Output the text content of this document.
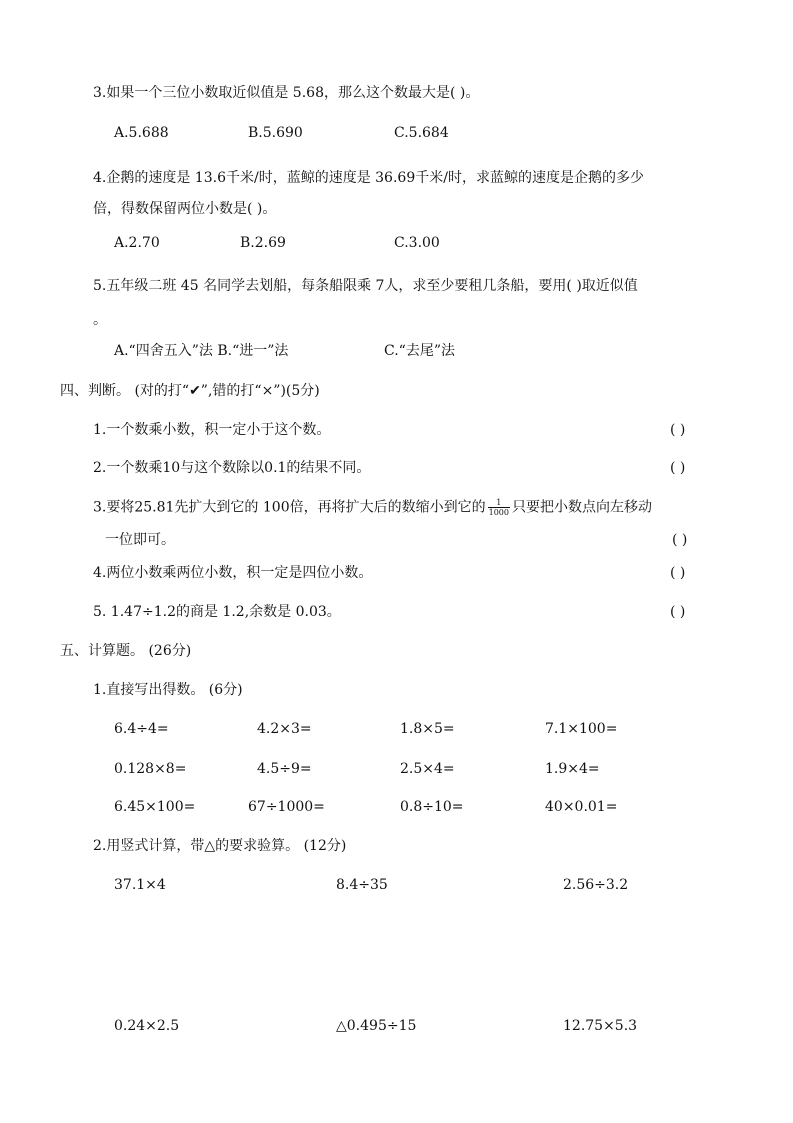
3.如果一个三位小数取近似值是 5.68，那么这个数最大是( )。
A.5.688	B.5.690	C.5.684
4.企鹅的速度是 13.6千米/时，蓝鲸的速度是 36.69千米/时，求蓝鲸的速度是企鹅的多少
倍，得数保留两位小数是( )。
A.2.70	B.2.69	C.3.00
5.五年级二班 45 名同学去划船，每条船限乘 7人，求至少要租几条船，要用( )取近似值
。
A.“四舍五入”法 B.“进一”法	C.“去尾”法
四、判断。 (对的打“✔”,错的打“×”)(5分)
1.一个数乘小数，积一定小于这个数。	( )
2.一个数乘10与这个数除以0.1的结果不同。	( )
3.要将25.81先扩大到它的 100倍，再将扩大后的数缩小到它的 $\frac{1}{1000}$ 只要把小数点向左移动
一位即可。	( )
4.两位小数乘两位小数，积一定是四位小数。	( )
5. 1.47÷1.2的商是 1.2,余数是 0.03。	( )
五、计算题。 (26分)
1.直接写出得数。 (6分)
6.4÷4=	4.2×3=	1.8×5=	7.1×100=
0.128×8=	4.5÷9=	2.5×4=	1.9×4=
6.45×100=	67÷1000=	0.8÷10=	40×0.01=
2.用竖式计算，带△的要求验算。 (12分)
37.1×4	8.4÷35	2.56÷3.2
0.24×2.5	△0.495÷15	12.75×5.3
